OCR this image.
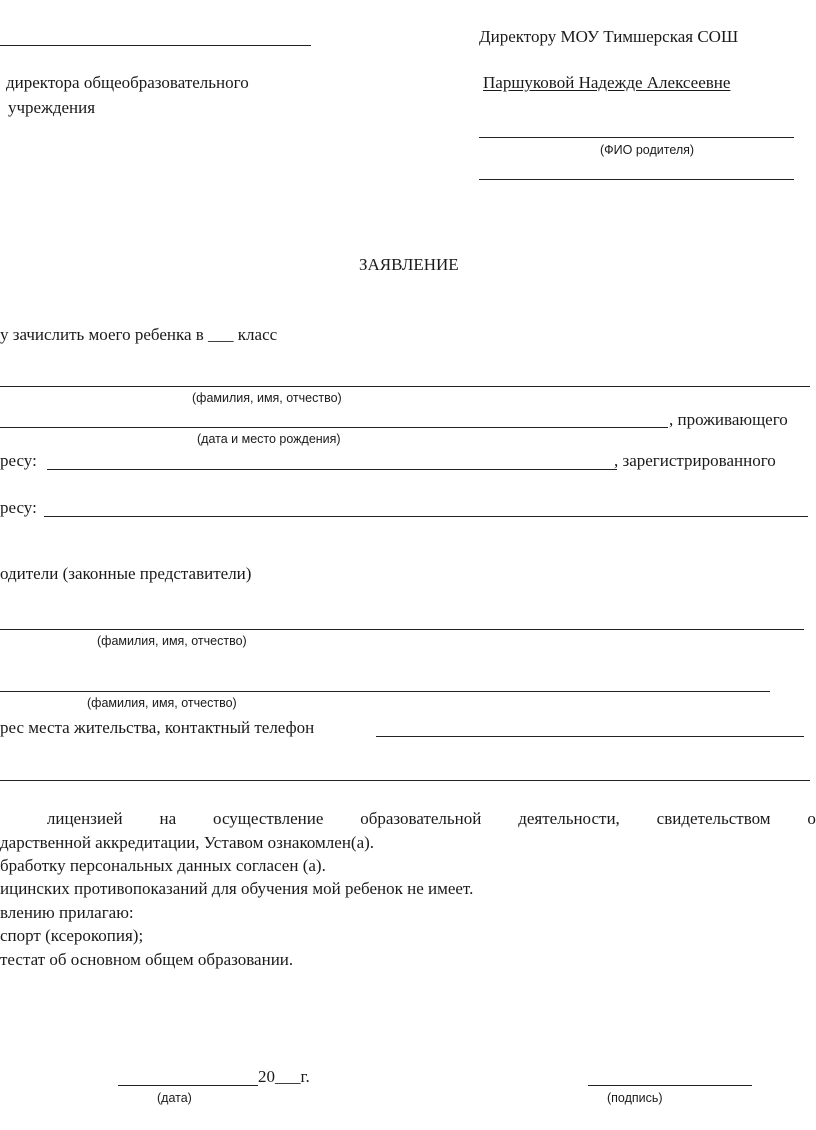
Директору МОУ Тимшерская СОШ
директора общеобразовательного	Паршуковой Надежде Алексеевне
учреждения
(ФИО родителя)
ЗАЯВЛЕНИЕ
у зачислить моего ребенка в ___ класс
(фамилия, имя, отчество)
, проживающего
(дата и место рождения)
ресу:	, зарегистрированного
ресу:
одители (законные представители)
(фамилия, имя, отчество)
(фамилия, имя, отчество)
рес места жительства, контактный телефон
лицензией на осуществление образовательной деятельности, свидетельством о
дарственной аккредитации, Уставом ознакомлен(а).
бработку персональных данных согласен (а).
ицинских противопоказаний для обучения мой ребенок не имеет.
влению прилагаю:
спорт (ксерокопия);
тестат об основном общем образовании.
20___г.
(дата)	(подпись)
